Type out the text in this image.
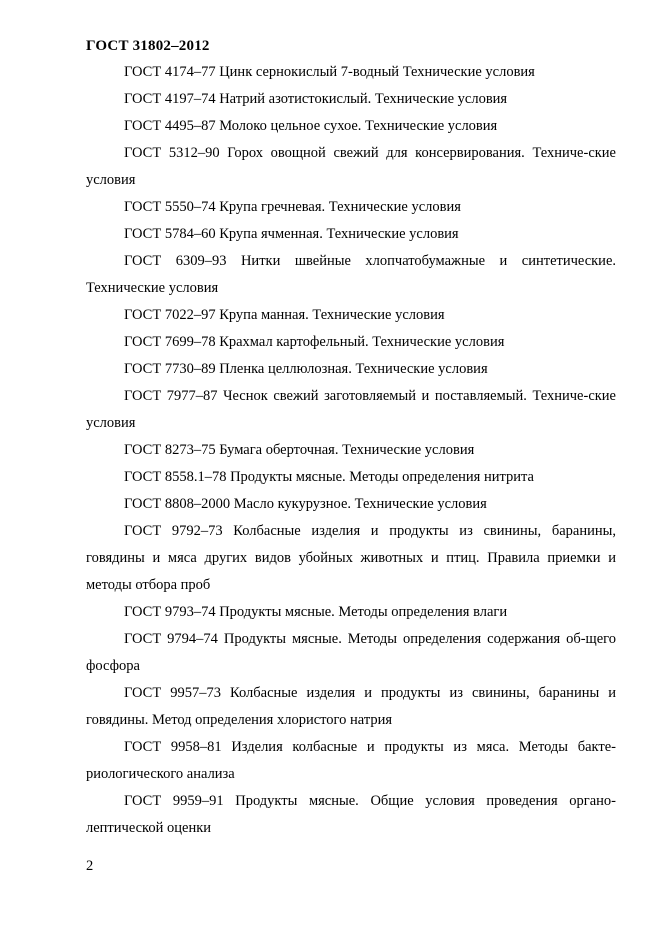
ГОСТ 31802–2012

ГОСТ 4174–77 Цинк сернокислый 7-водный Технические условия

ГОСТ 4197–74 Натрий азотистокислый. Технические условия

ГОСТ 4495–87 Молоко цельное сухое. Технические условия

ГОСТ 5312–90 Горох овощной свежий для консервирования. Техниче-ские условия

ГОСТ 5550–74 Крупа гречневая. Технические условия

ГОСТ 5784–60 Крупа ячменная. Технические условия

ГОСТ 6309–93 Нитки швейные хлопчатобумажные и синтетические. Технические условия

ГОСТ 7022–97 Крупа манная. Технические условия

ГОСТ 7699–78 Крахмал картофельный. Технические условия

ГОСТ 7730–89 Пленка целлюлозная. Технические условия

ГОСТ 7977–87 Чеснок свежий заготовляемый и поставляемый. Техниче-ские условия

ГОСТ 8273–75 Бумага оберточная. Технические условия

ГОСТ 8558.1–78 Продукты мясные. Методы определения нитрита

ГОСТ 8808–2000 Масло кукурузное. Технические условия

ГОСТ 9792–73 Колбасные изделия и продукты из свинины, баранины, говядины и мяса других видов убойных животных и птиц. Правила приемки и методы отбора проб

ГОСТ 9793–74 Продукты мясные. Методы определения влаги

ГОСТ 9794–74 Продукты мясные. Методы определения содержания об-щего фосфора

ГОСТ 9957–73 Колбасные изделия и продукты из свинины, баранины и говядины. Метод определения хлористого натрия

ГОСТ 9958–81 Изделия колбасные и продукты из мяса. Методы бакте-риологического анализа

ГОСТ 9959–91 Продукты мясные. Общие условия проведения органо-лептической оценки

2
